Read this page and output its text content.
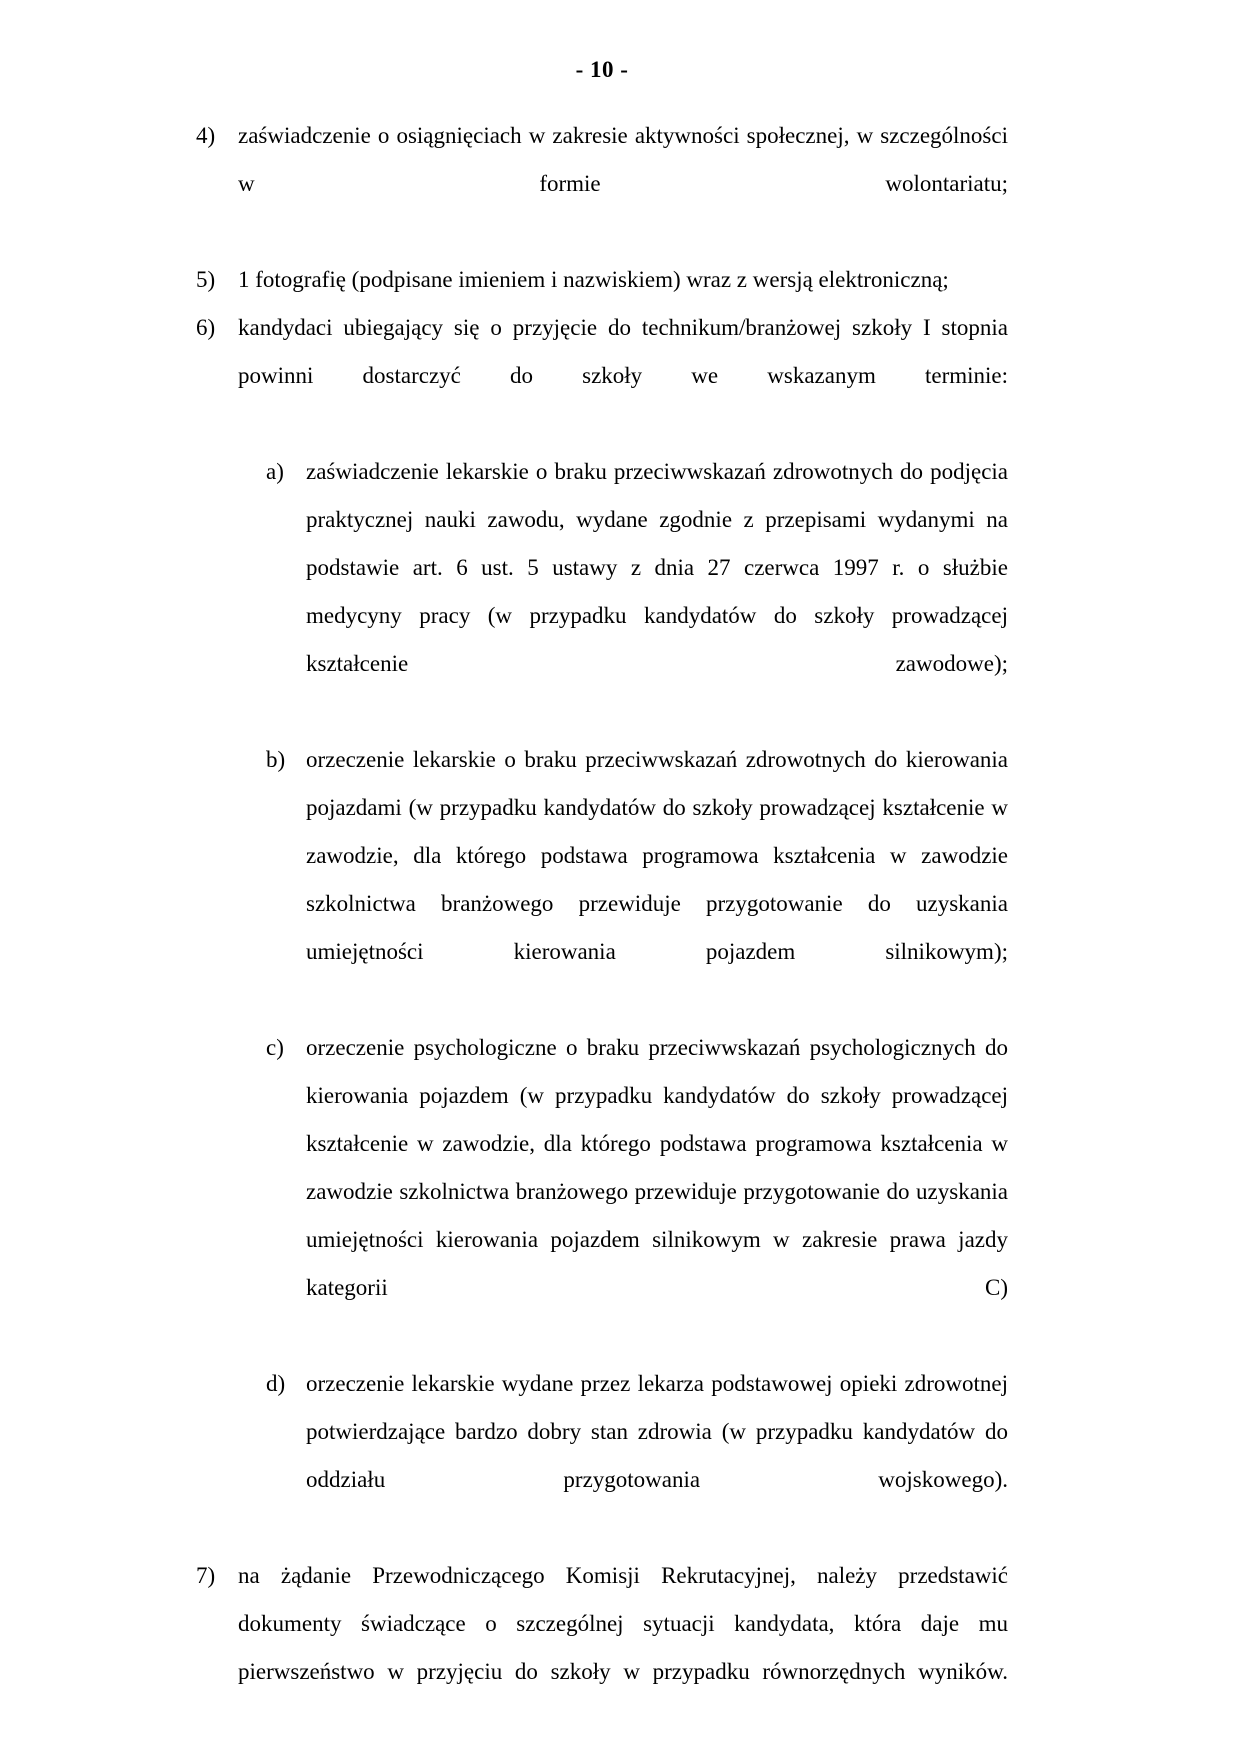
- 10 -
4) zaświadczenie o osiągnięciach w zakresie aktywności społecznej, w szczególności w formie wolontariatu;

5) 1 fotografię (podpisane imieniem i nazwiskiem) wraz z wersją elektroniczną;

6) kandydaci ubiegający się o przyjęcie do technikum/branżowej szkoły I stopnia powinni dostarczyć do szkoły we wskazanym terminie:

a) zaświadczenie lekarskie o braku przeciwwskazań zdrowotnych do podjęcia praktycznej nauki zawodu, wydane zgodnie z przepisami wydanymi na podstawie art. 6 ust. 5 ustawy z dnia 27 czerwca 1997 r. o służbie medycyny pracy (w przypadku kandydatów do szkoły prowadzącej kształcenie zawodowe);

b) orzeczenie lekarskie o braku przeciwwskazań zdrowotnych do kierowania pojazdami (w przypadku kandydatów do szkoły prowadzącej kształcenie w zawodzie, dla którego podstawa programowa kształcenia w zawodzie szkolnictwa branżowego przewiduje przygotowanie do uzyskania umiejętności kierowania pojazdem silnikowym);

c) orzeczenie psychologiczne o braku przeciwwskazań psychologicznych do kierowania pojazdem (w przypadku kandydatów do szkoły prowadzącej kształcenie w zawodzie, dla którego podstawa programowa kształcenia w zawodzie szkolnictwa branżowego przewiduje przygotowanie do uzyskania umiejętności kierowania pojazdem silnikowym w zakresie prawa jazdy kategorii C)

d) orzeczenie lekarskie wydane przez lekarza podstawowej opieki zdrowotnej potwierdzające bardzo dobry stan zdrowia (w przypadku kandydatów do oddziału przygotowania wojskowego).

7) na żądanie Przewodniczącego Komisji Rekrutacyjnej, należy przedstawić dokumenty świadczące o szczególnej sytuacji kandydata, która daje mu pierwszeństwo w przyjęciu do szkoły w przypadku równorzędnych wyników.
